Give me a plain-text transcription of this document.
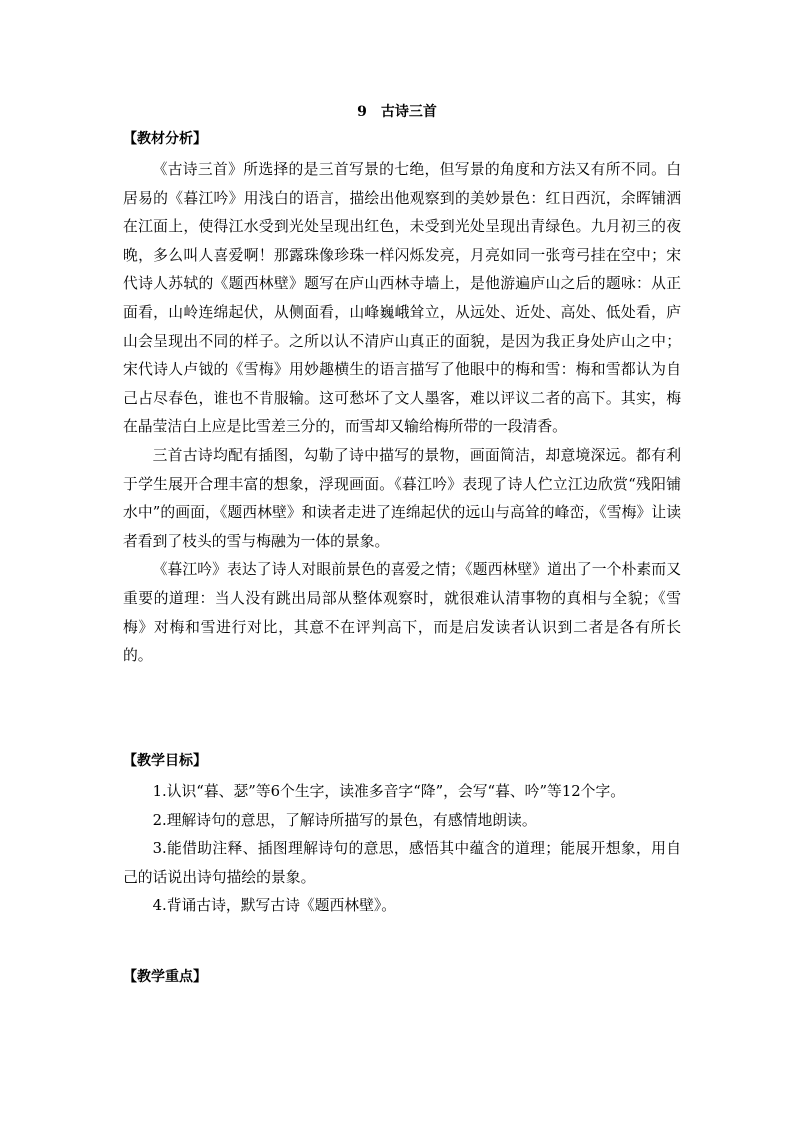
9　古诗三首
【教材分析】

《古诗三首》所选择的是三首写景的七绝，但写景的角度和方法又有所不同。白居易的《暮江吟》用浅白的语言，描绘出他观察到的美妙景色：红日西沉，余晖铺洒在江面上，使得江水受到光处呈现出红色，未受到光处呈现出青绿色。九月初三的夜晚，多么叫人喜爱啊！那露珠像珍珠一样闪烁发亮，月亮如同一张弯弓挂在空中；宋代诗人苏轼的《题西林壁》题写在庐山西林寺墙上，是他游遍庐山之后的题咏：从正面看，山岭连绵起伏，从侧面看，山峰巍峨耸立，从远处、近处、高处、低处看，庐山会呈现出不同的样子。之所以认不清庐山真正的面貌，是因为我正身处庐山之中；宋代诗人卢钺的《雪梅》用妙趣横生的语言描写了他眼中的梅和雪：梅和雪都认为自己占尽春色，谁也不肯服输。这可愁坏了文人墨客，难以评议二者的高下。其实，梅在晶莹洁白上应是比雪差三分的，而雪却又输给梅所带的一段清香。

三首古诗均配有插图，勾勒了诗中描写的景物，画面简洁，却意境深远。都有利于学生展开合理丰富的想象，浮现画面。《暮江吟》表现了诗人伫立江边欣赏“残阳铺水中”的画面，《题西林壁》和读者走进了连绵起伏的远山与高耸的峰峦，《雪梅》让读者看到了枝头的雪与梅融为一体的景象。

《暮江吟》表达了诗人对眼前景色的喜爱之情；《题西林壁》道出了一个朴素而又重要的道理：当人没有跳出局部从整体观察时，就很难认清事物的真相与全貌；《雪梅》对梅和雪进行对比，其意不在评判高下，而是启发读者认识到二者是各有所长的。

【教学目标】

1.认识“暮、瑟”等6个生字，读准多音字“降”，会写“暮、吟”等12个字。

2.理解诗句的意思，了解诗所描写的景色，有感情地朗读。

3.能借助注释、插图理解诗句的意思，感悟其中蕴含的道理；能展开想象，用自己的话说出诗句描绘的景象。

4.背诵古诗，默写古诗《题西林壁》。

【教学重点】
